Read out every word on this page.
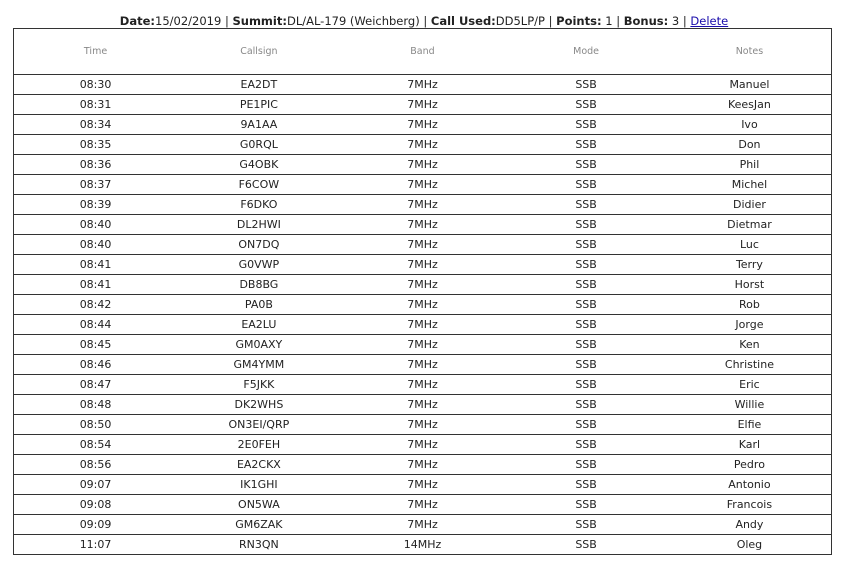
Date:15/02/2019 | Summit:DL/AL-179 (Weichberg) | Call Used:DD5LP/P | Points: 1 | Bonus: 3 | Delete
Time	Callsign	Band	Mode	Notes
08:30	EA2DT	7MHz	SSB	Manuel
08:31	PE1PIC	7MHz	SSB	KeesJan
08:34	9A1AA	7MHz	SSB	Ivo
08:35	G0RQL	7MHz	SSB	Don
08:36	G4OBK	7MHz	SSB	Phil
08:37	F6COW	7MHz	SSB	Michel
08:39	F6DKO	7MHz	SSB	Didier
08:40	DL2HWI	7MHz	SSB	Dietmar
08:40	ON7DQ	7MHz	SSB	Luc
08:41	G0VWP	7MHz	SSB	Terry
08:41	DB8BG	7MHz	SSB	Horst
08:42	PA0B	7MHz	SSB	Rob
08:44	EA2LU	7MHz	SSB	Jorge
08:45	GM0AXY	7MHz	SSB	Ken
08:46	GM4YMM	7MHz	SSB	Christine
08:47	F5JKK	7MHz	SSB	Eric
08:48	DK2WHS	7MHz	SSB	Willie
08:50	ON3EI/QRP	7MHz	SSB	Elfie
08:54	2E0FEH	7MHz	SSB	Karl
08:56	EA2CKX	7MHz	SSB	Pedro
09:07	IK1GHI	7MHz	SSB	Antonio
09:08	ON5WA	7MHz	SSB	Francois
09:09	GM6ZAK	7MHz	SSB	Andy
11:07	RN3QN	14MHz	SSB	Oleg
